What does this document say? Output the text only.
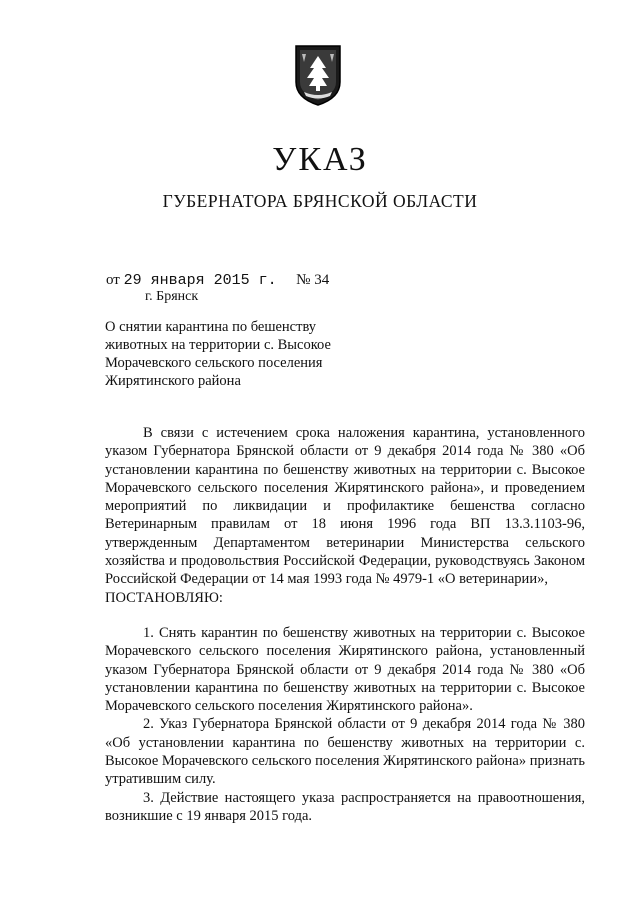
УКАЗ
ГУБЕРНАТОРА БРЯНСКОЙ ОБЛАСТИ
от 29 января 2015 г. № 34
г. Брянск
О снятии карантина по бешенству
животных на территории с. Высокое
Морачевского сельского поселения
Жирятинского района

В связи с истечением срока наложения карантина, установленного указом Губернатора Брянской области от 9 декабря 2014 года № 380 «Об установлении карантина по бешенству животных на территории с. Высокое Морачевского сельского поселения Жирятинского района», и проведением мероприятий по ликвидации и профилактике бешенства согласно Ветеринарным правилам от 18 июня 1996 года ВП 13.3.1103-96, утвержденным Департаментом ветеринарии Министерства сельского хозяйства и продовольствия Российской Федерации, руководствуясь Законом Российской Федерации от 14 мая 1993 года № 4979-1 «О ветеринарии»,

ПОСТАНОВЛЯЮ:

1. Снять карантин по бешенству животных на территории с. Высокое Морачевского сельского поселения Жирятинского района, установленный указом Губернатора Брянской области от 9 декабря 2014 года № 380 «Об установлении карантина по бешенству животных на территории с. Высокое Морачевского сельского поселения Жирятинского района».

2. Указ Губернатора Брянской области от 9 декабря 2014 года № 380 «Об установлении карантина по бешенству животных на территории с. Высокое Морачевского сельского поселения Жирятинского района» признать утратившим силу.

3. Действие настоящего указа распространяется на правоотношения, возникшие с 19 января 2015 года.
